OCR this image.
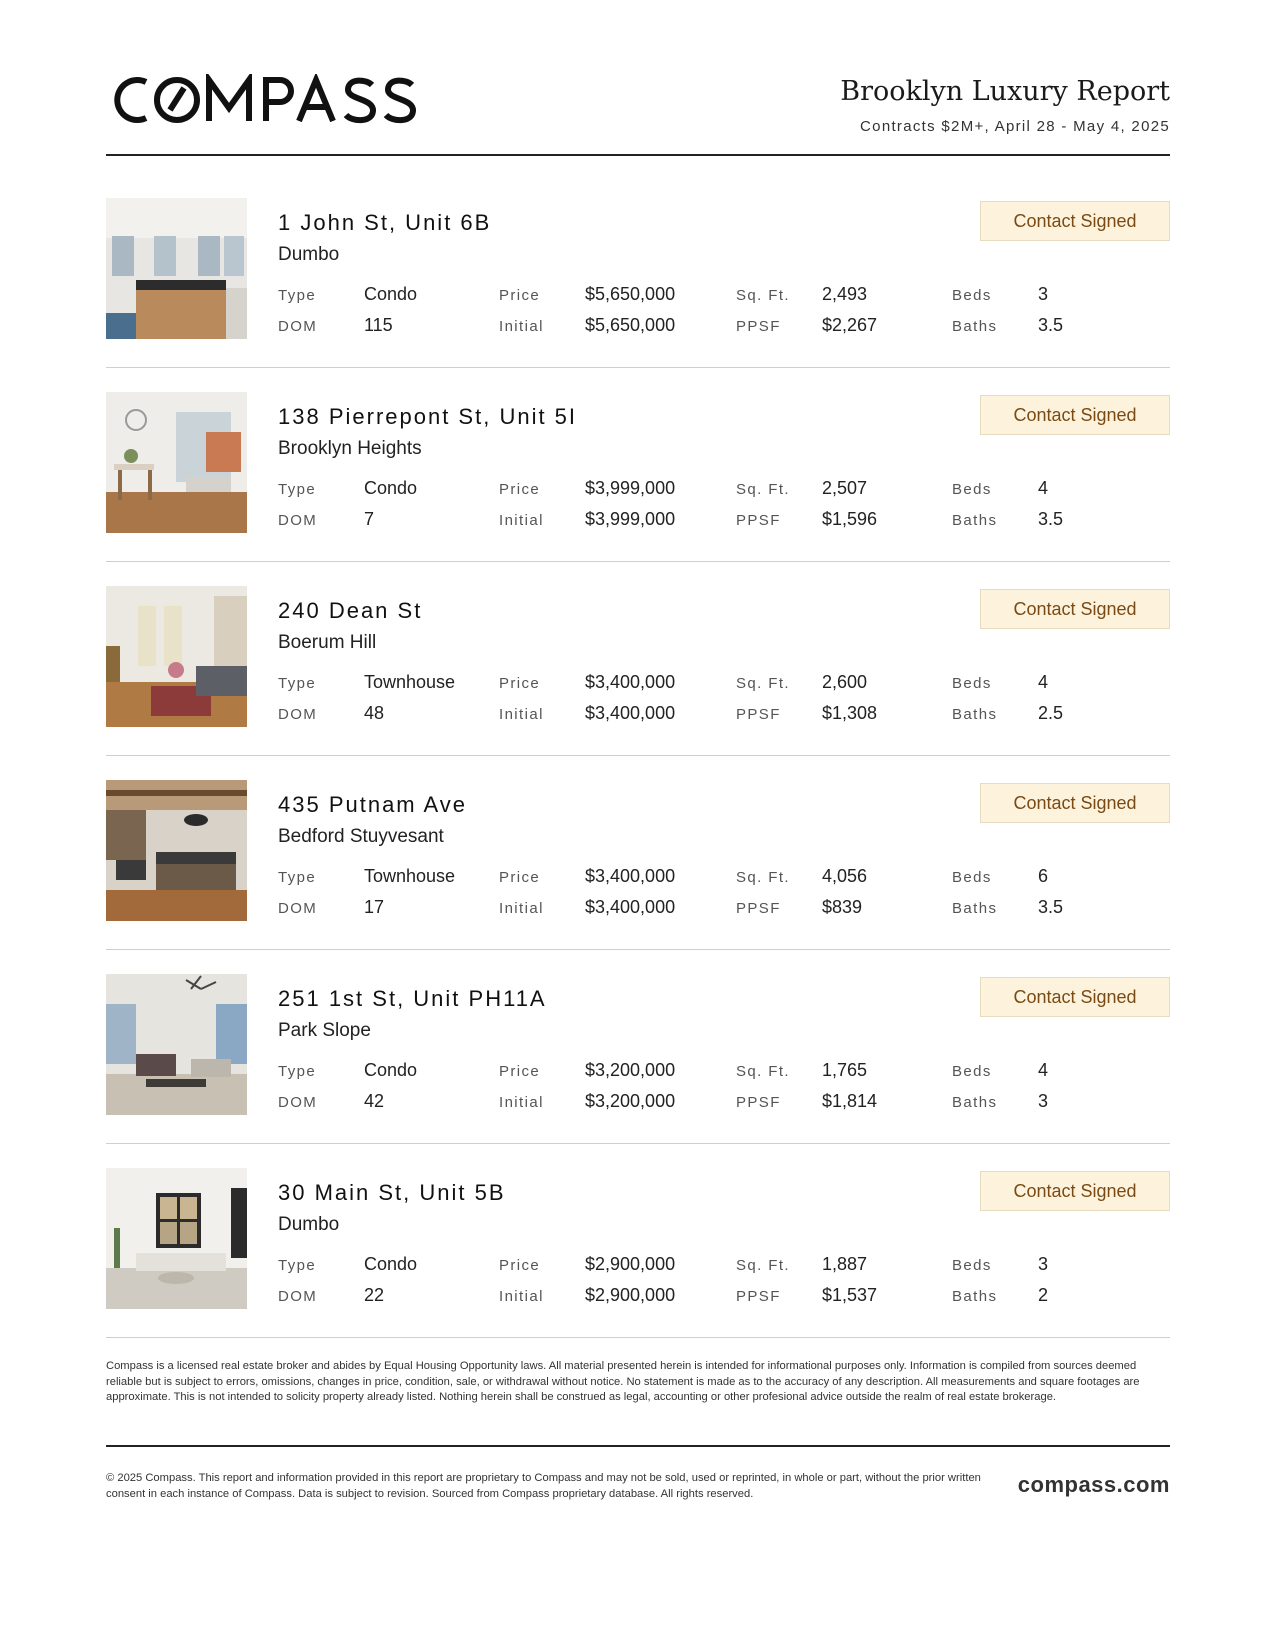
Brooklyn Luxury Report
Contracts $2M+, April 28 - May 4, 2025
1 John St, Unit 6B
Dumbo
Contact Signed
Type	Condo	Price $5,650,000	Sq. Ft. 2,493	Beds	3
DOM	115	Initial $5,650,000	PPSF $2,267	Baths 3.5
138 Pierrepont St, Unit 5I
Brooklyn Heights
Contact Signed
Type	Condo	Price $3,999,000	Sq. Ft. 2,507	Beds	4
DOM	7	Initial $3,999,000	PPSF $1,596	Baths 3.5
240 Dean St
Boerum Hill
Contact Signed
Type	Townhouse	Price $3,400,000	Sq. Ft. 2,600	Beds	4
DOM	48	Initial $3,400,000	PPSF $1,308	Baths 2.5
435 Putnam Ave
Bedford Stuyvesant
Contact Signed
Type	Townhouse	Price $3,400,000	Sq. Ft. 4,056	Beds	6
DOM	17	Initial $3,400,000	PPSF $839	Baths 3.5
251 1st St, Unit PH11A
Park Slope
Contact Signed
Type	Condo	Price $3,200,000	Sq. Ft. 1,765	Beds	4
DOM	42	Initial $3,200,000	PPSF $1,814	Baths 3
30 Main St, Unit 5B
Dumbo
Contact Signed
Type	Condo	Price $2,900,000	Sq. Ft. 1,887	Beds	3
DOM	22	Initial $2,900,000	PPSF $1,537	Baths 2
Compass is a licensed real estate broker and abides by Equal Housing Opportunity laws. All material presented herein is intended for informational purposes only. Information is compiled from sources deemed reliable but is subject to errors, omissions, changes in price, condition, sale, or withdrawal without notice. No statement is made as to the accuracy of any description. All measurements and square footages are approximate. This is not intended to solicity property already listed. Nothing herein shall be construed as legal, accounting or other profesional advice outside the realm of real estate brokerage.
© 2025 Compass. This report and information provided in this report are proprietary to Compass and may not be sold, used or reprinted, in whole or part, without the prior written consent in each instance of Compass. Data is subject to revision. Sourced from Compass proprietary database. All rights reserved.	compass.com
